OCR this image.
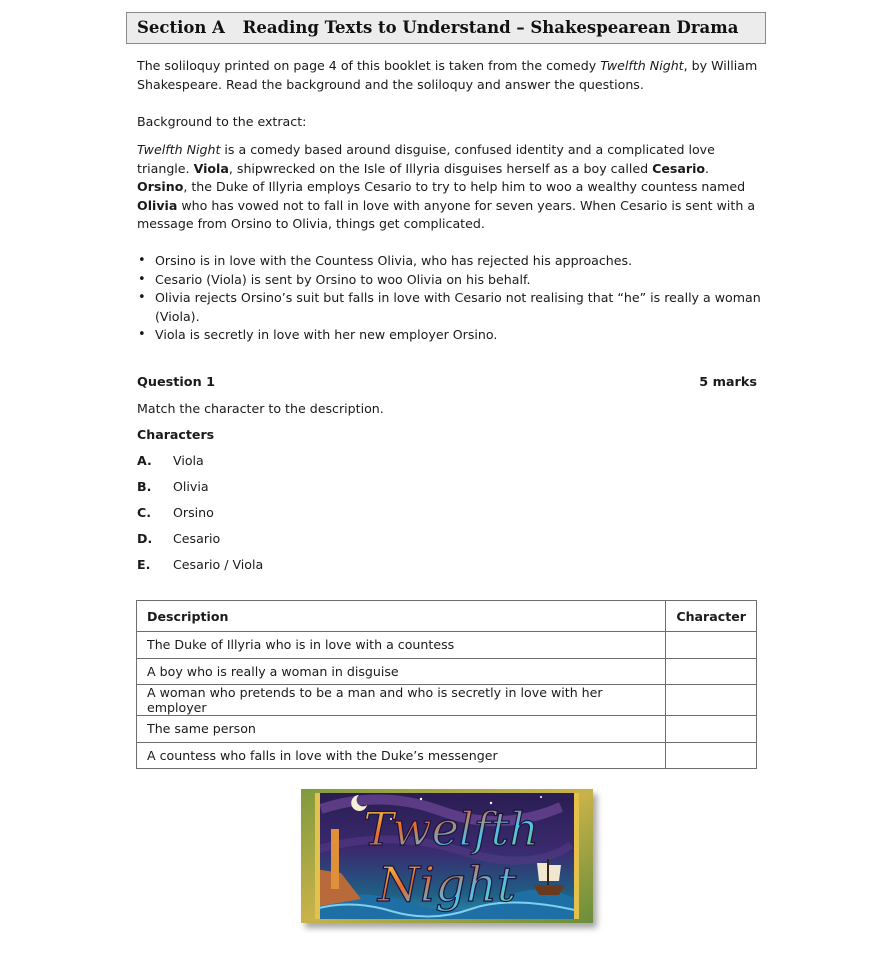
Section A Reading Texts to Understand – Shakespearean Drama

The soliloquy printed on page 4 of this booklet is taken from the comedy Twelfth Night, by William Shakespeare. Read the background and the soliloquy and answer the questions.

Background to the extract:

Twelfth Night is a comedy based around disguise, confused identity and a complicated love triangle. Viola, shipwrecked on the Isle of Illyria disguises herself as a boy called Cesario. Orsino, the Duke of Illyria employs Cesario to try to help him to woo a wealthy countess named Olivia who has vowed not to fall in love with anyone for seven years. When Cesario is sent with a message from Orsino to Olivia, things get complicated.

• Orsino is in love with the Countess Olivia, who has rejected his approaches.
• Cesario (Viola) is sent by Orsino to woo Olivia on his behalf.
• Olivia rejects Orsino’s suit but falls in love with Cesario not realising that “he” is really a woman (Viola).
• Viola is secretly in love with her new employer Orsino.
Question 1	5 marks

Match the character to the description.

Characters

A. Viola
B. Olivia
C. Orsino
D. Cesario
E. Cesario / Viola
Description	Character
The Duke of Illyria who is in love with a countess	
A boy who is really a woman in disguise	
A woman who pretends to be a man and who is secretly in love with her employer	
The same person	
A countess who falls in love with the Duke’s messenger	
Twelfth
Night
